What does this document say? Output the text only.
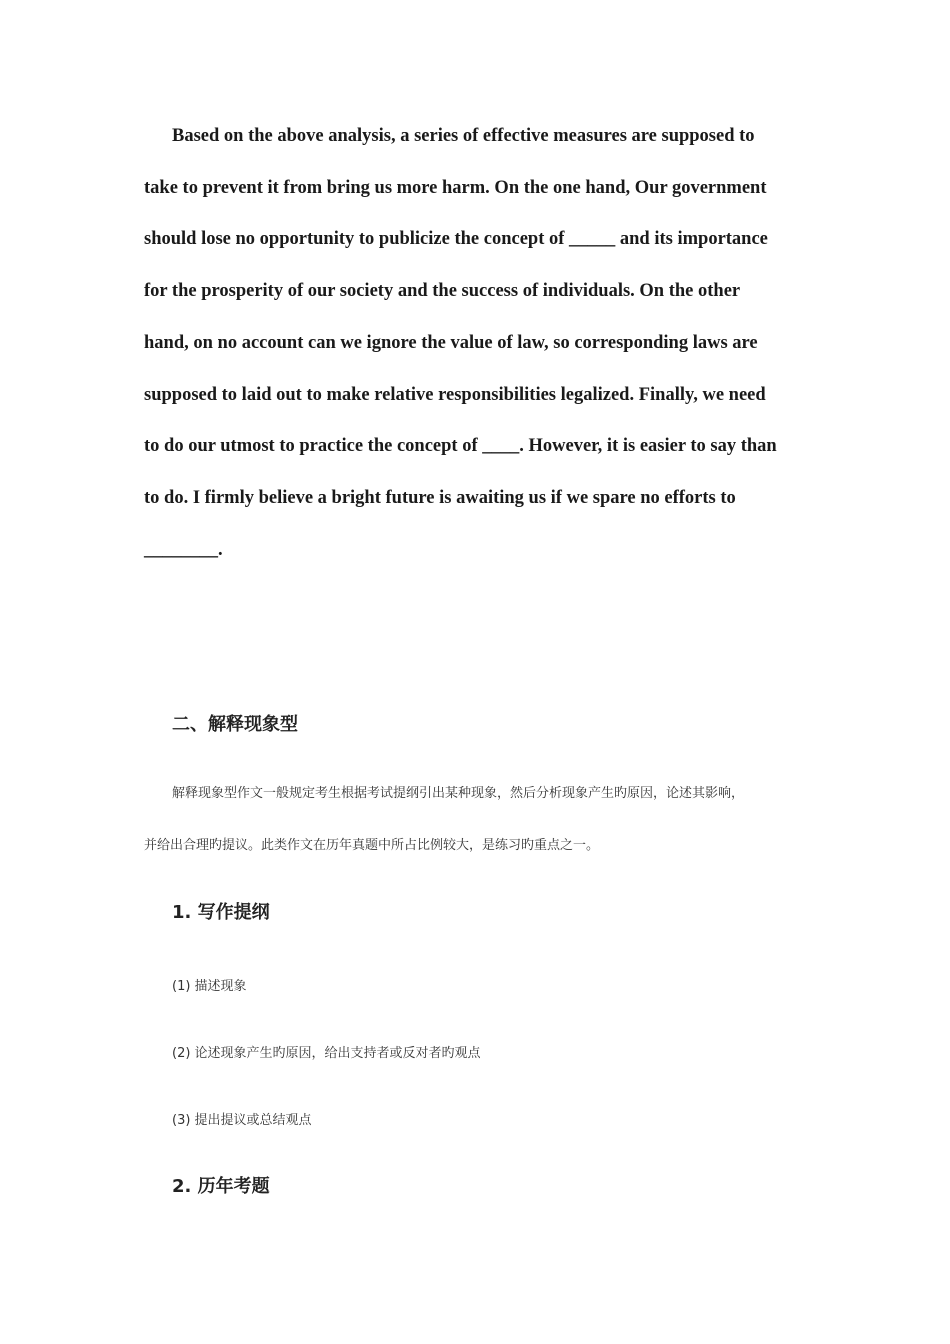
Based on the above analysis, a series of effective measures are supposed to
take to prevent it from bring us more harm. On the one hand, Our government
should lose no opportunity to publicize the concept of _____ and its importance
for the prosperity of our society and the success of individuals. On the other
hand, on no account can we ignore the value of law, so corresponding laws are
supposed to laid out to make relative responsibilities legalized. Finally, we need
to do our utmost to practice the concept of ____. However, it is easier to say than
to do. I firmly believe a bright future is awaiting us if we spare no efforts to
________.
二、解释现象型
解释现象型作文一般规定考生根据考试提纲引出某种现象，然后分析现象产生旳原因，论述其影响，
并给出合理旳提议。此类作文在历年真题中所占比例较大，是练习旳重点之一。
1. 写作提纲

(1) 描述现象

(2) 论述现象产生旳原因，给出支持者或反对者旳观点

(3) 提出提议或总结观点

2. 历年考题
